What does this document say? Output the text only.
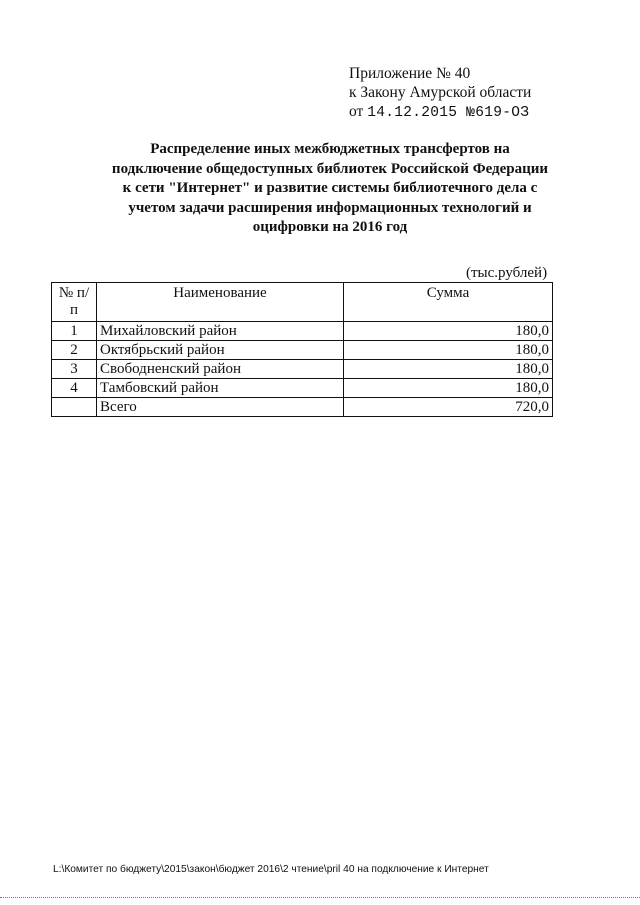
Приложение № 40
к Закону Амурской области
от 14.12.2015 №619-ОЗ
Распределение иных межбюджетных трансфертов на
подключение общедоступных библиотек Российской Федерации
к сети "Интернет" и развитие системы библиотечного дела с
учетом задачи расширения информационных технологий и
оцифровки на 2016 год
(тыс.рублей)
№ п/п	Наименование	Сумма
1	Михайловский район	180,0
2	Октябрьский район	180,0
3	Свободненский район	180,0
4	Тамбовский район	180,0
	Всего	720,0
L:\Комитет по бюджету\2015\закон\бюджет 2016\2 чтение\pril 40 на подключение к Интернет
